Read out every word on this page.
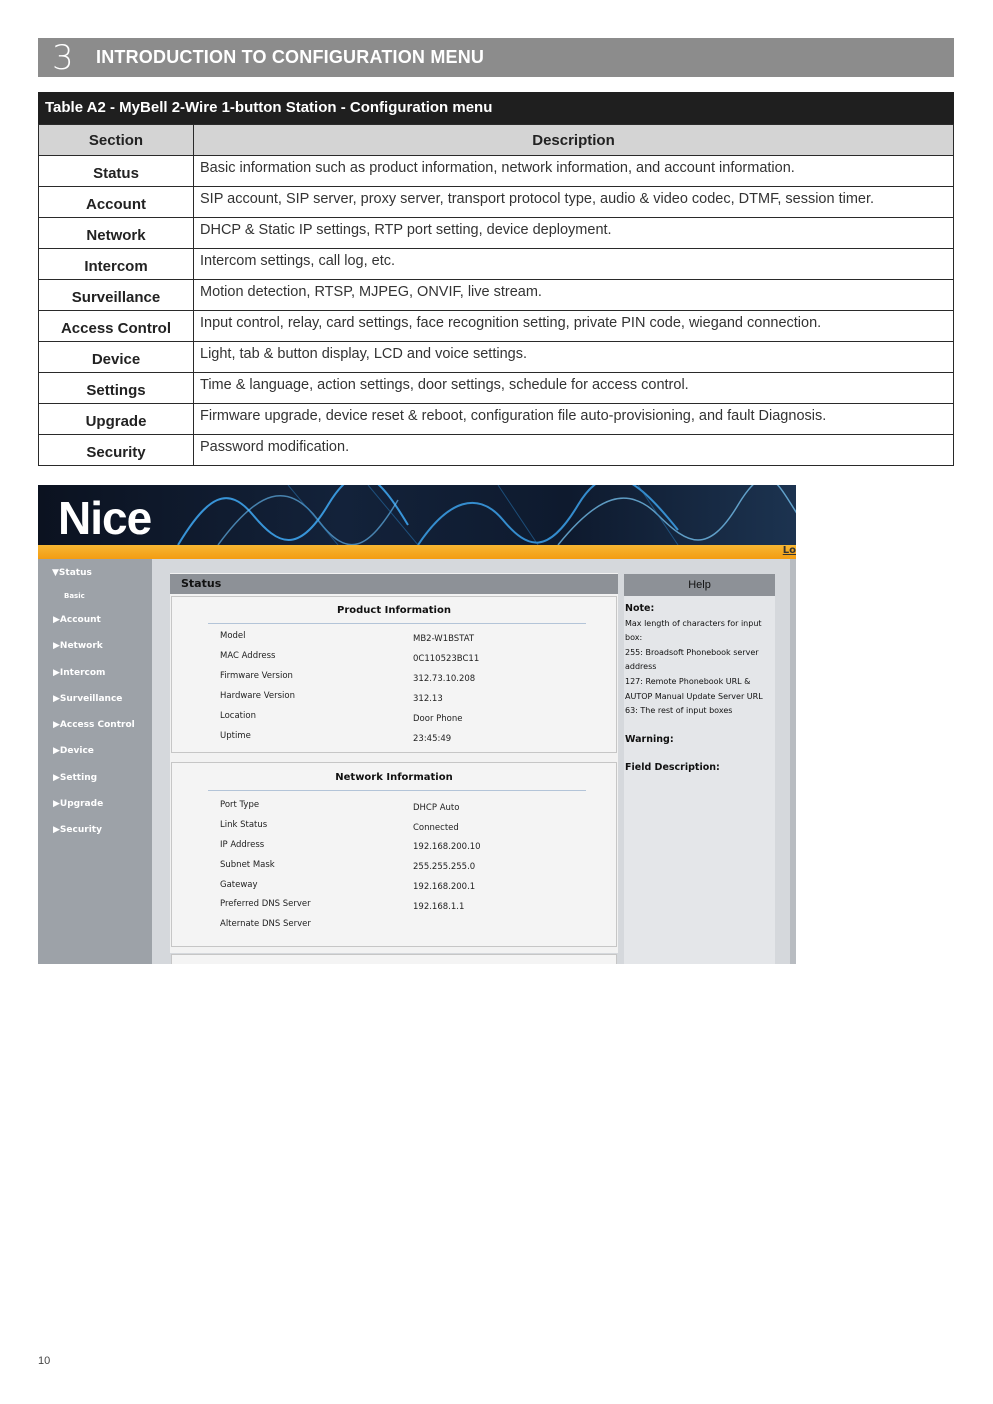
3 INTRODUCTION TO CONFIGURATION MENU
Table A2 - MyBell 2-Wire 1-button Station - Configuration menu
Section	Description
Status	Basic information such as product information, network information, and account information.
Account	SIP account, SIP server, proxy server, transport protocol type, audio & video codec, DTMF, session timer.
Network	DHCP & Static IP settings, RTP port setting, device deployment.
Intercom	Intercom settings, call log, etc.
Surveillance	Motion detection, RTSP, MJPEG, ONVIF, live stream.
Access Control	Input control, relay, card settings, face recognition setting, private PIN code, wiegand connection.
Device	Light, tab & button display, LCD and voice settings.
Settings	Time & language, action settings, door settings, schedule for access control.
Upgrade	Firmware upgrade, device reset & reboot, configuration file auto-provisioning, and fault Diagnosis.
Security	Password modification.
Nice
Lo
▼Status
Basic
▶Account
▶Network
▶Intercom
▶Surveillance
▶Access Control
▶Device
▶Setting
▶Upgrade
▶Security
Status
Product Information
Model	MB2-W1BSTAT
MAC Address	0C110523BC11
Firmware Version	312.73.10.208
Hardware Version	312.13
Location	Door Phone
Uptime	23:45:49
Network Information
Port Type	DHCP Auto
Link Status	Connected
IP Address	192.168.200.10
Subnet Mask	255.255.255.0
Gateway	192.168.200.1
Preferred DNS Server	192.168.1.1
Alternate DNS Server
Help
Note:
Max length of characters for input
box:
255: Broadsoft Phonebook server
address
127: Remote Phonebook URL &
AUTOP Manual Update Server URL
63: The rest of input boxes
Warning:
Field Description:
10
